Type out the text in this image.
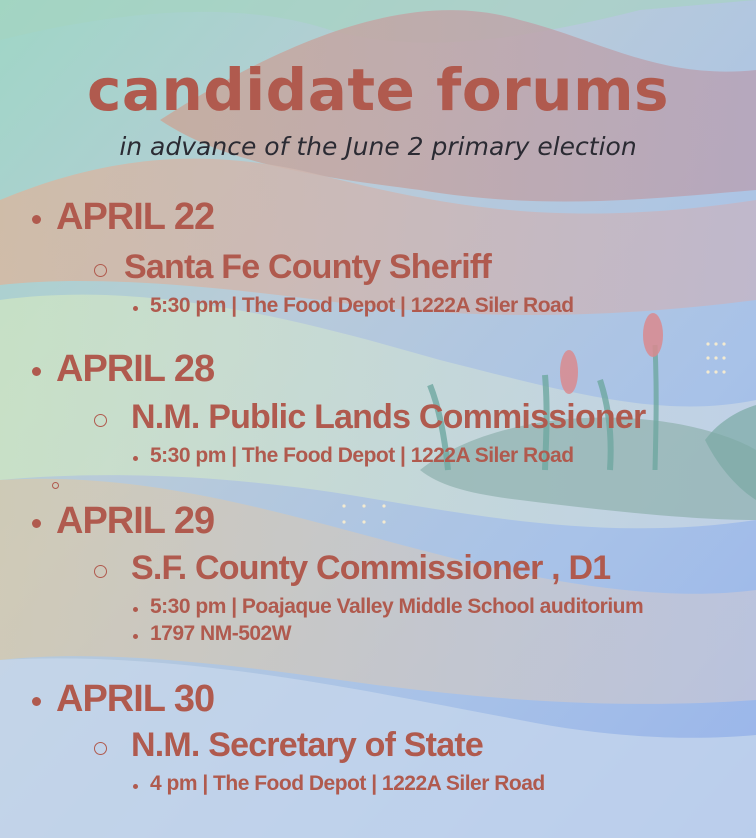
candidate forums
in advance of the June 2 primary election
APRIL 22
Santa Fe County Sheriff
5:30 pm | The Food Depot | 1222A Siler Road
APRIL 28
N.M. Public Lands Commissioner
5:30 pm | The Food Depot | 1222A Siler Road
APRIL 29
S.F. County Commissioner , D1
5:30 pm | Poajaque Valley Middle School auditorium
1797 NM-502W
APRIL 30
N.M. Secretary of State
4 pm | The Food Depot | 1222A Siler Road
